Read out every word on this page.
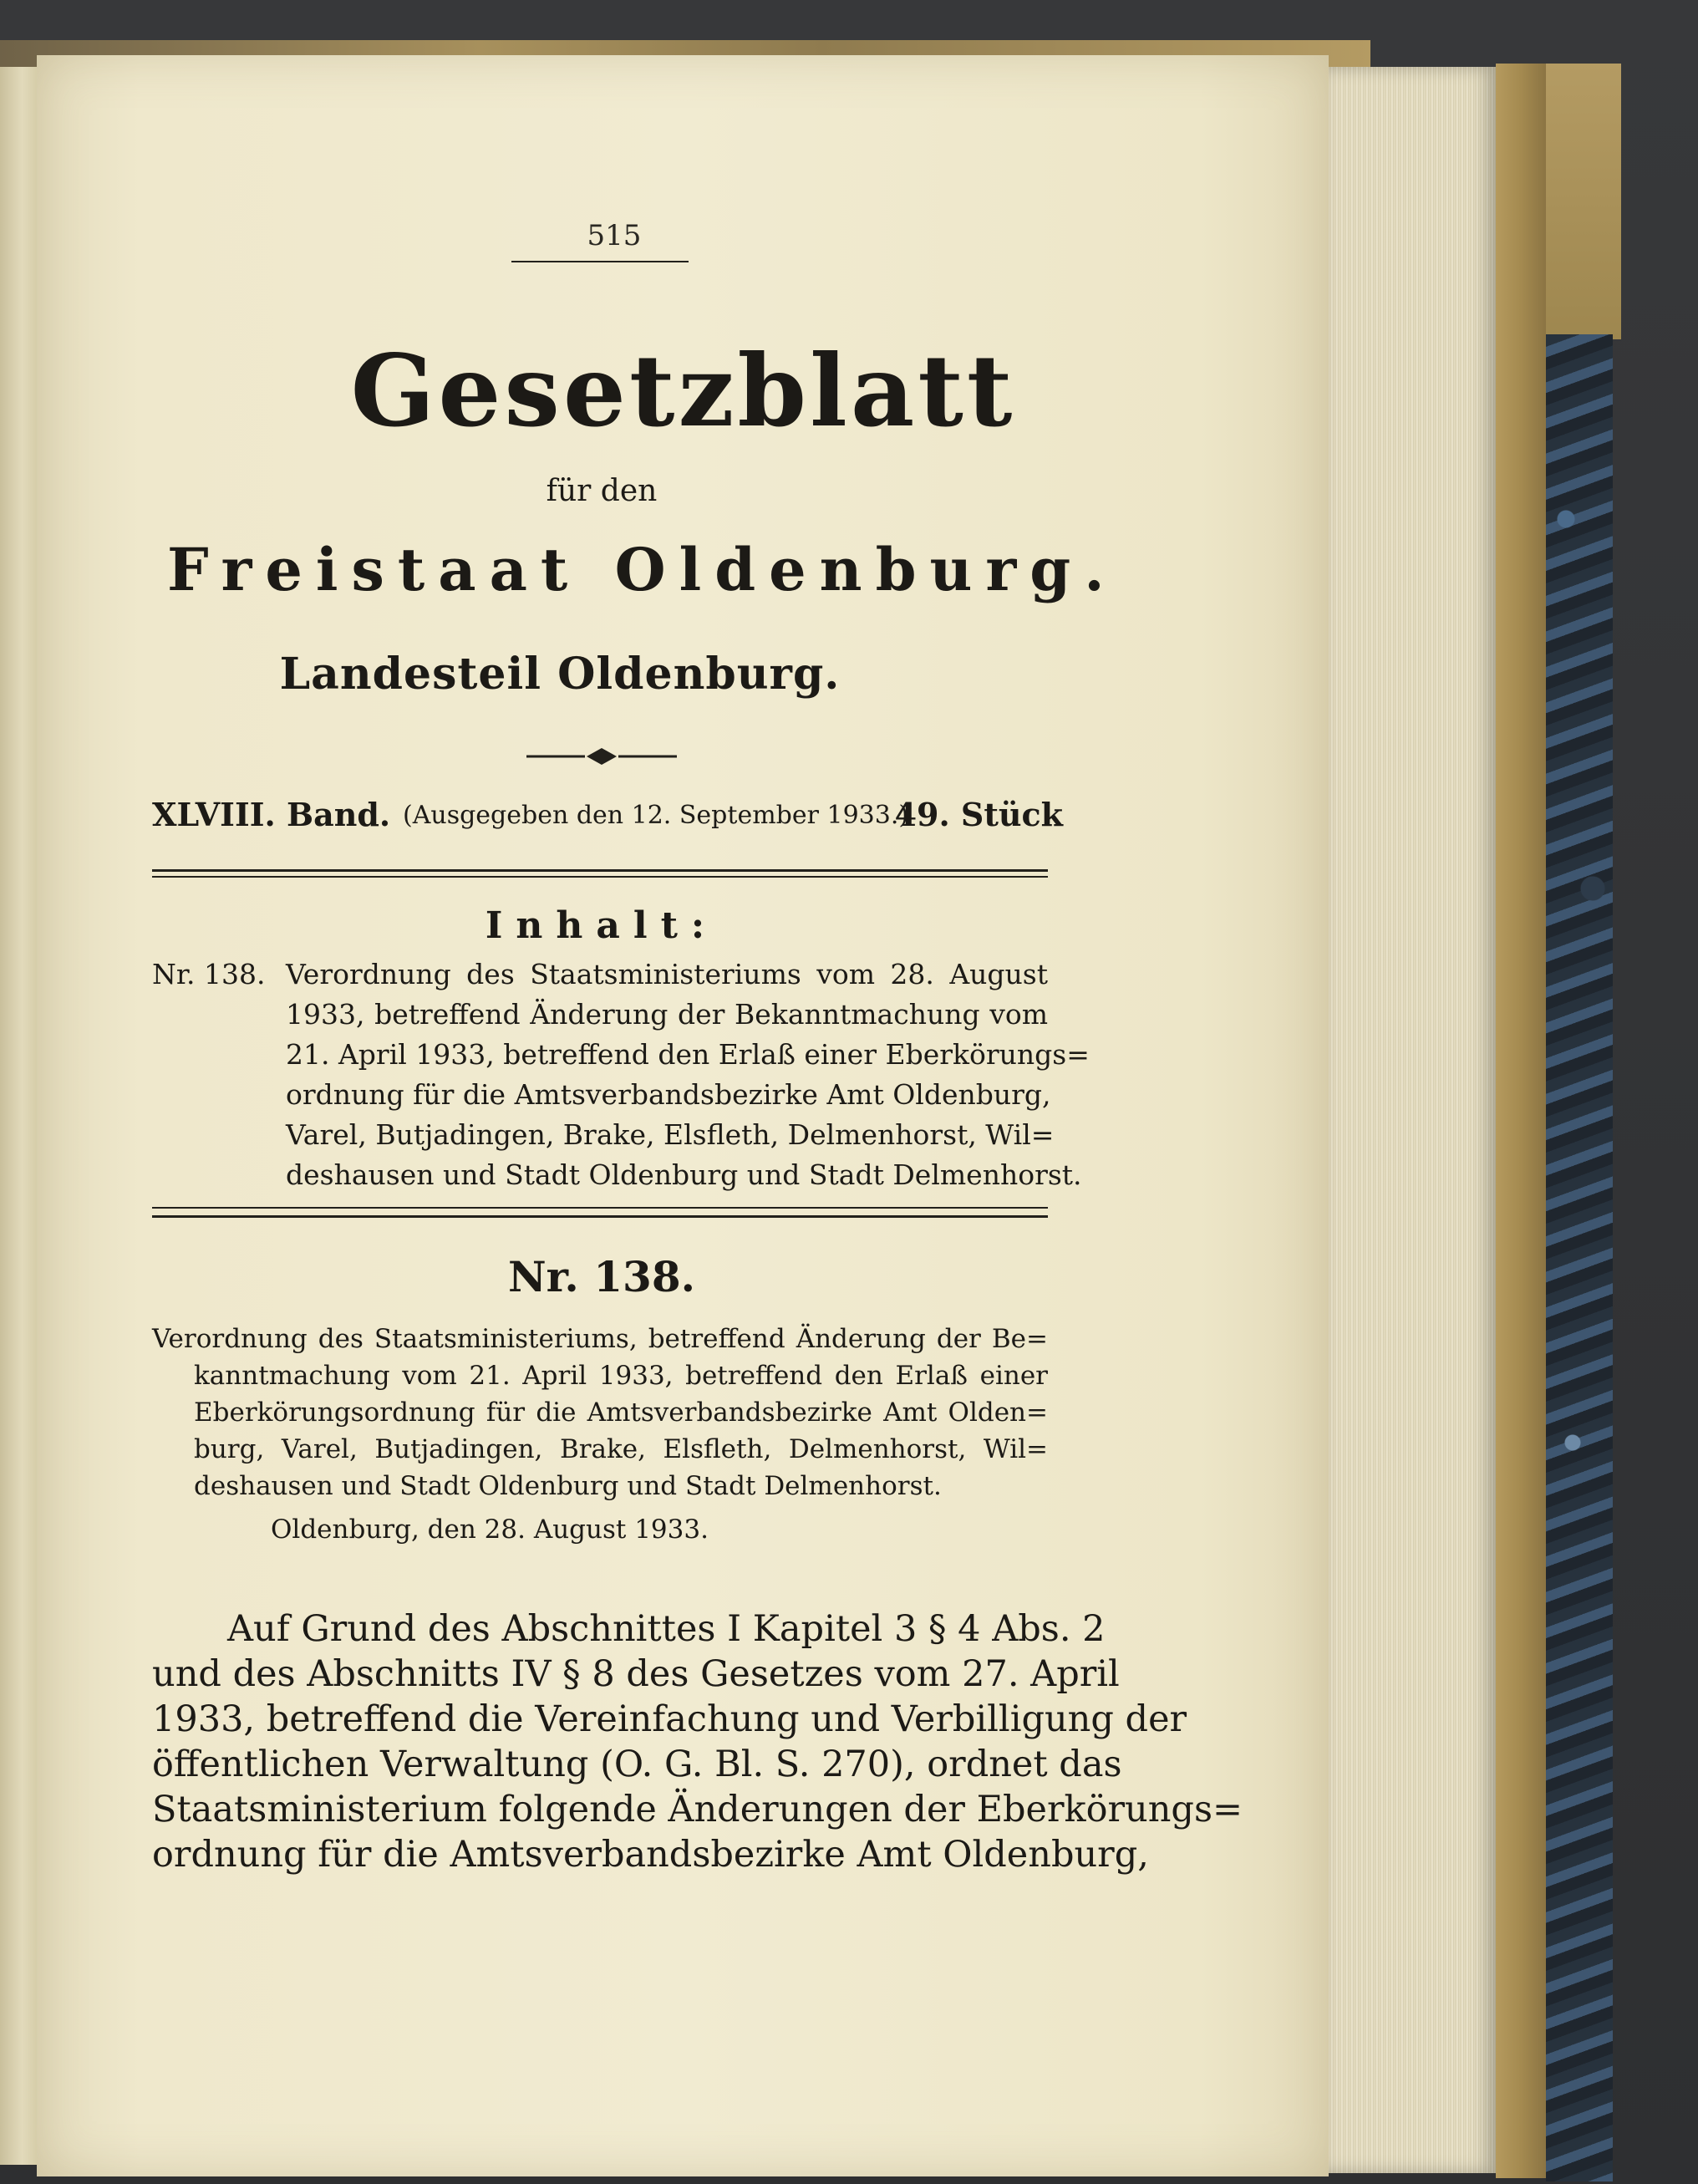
515
Gesetzblatt
für den
Freistaat Oldenburg.
Landesteil Oldenburg.
XLVIII. Band. (Ausgegeben den 12. September 1933.)
49. Stück
Inhalt:
Nr. 138. Verordnung des Staatsministeriums vom 28. August
1933, betreffend Änderung der Bekanntmachung vom
21. April 1933, betreffend den Erlaß einer Eberkörungs=
ordnung für die Amtsverbandsbezirke Amt Oldenburg,
Varel, Butjadingen, Brake, Elsfleth, Delmenhorst, Wil=
deshausen und Stadt Oldenburg und Stadt Delmenhorst.
Nr. 138.
Verordnung des Staatsministeriums, betreffend Änderung der Be=
kanntmachung vom 21. April 1933, betreffend den Erlaß einer
Eberkörungsordnung für die Amtsverbandsbezirke Amt Olden=
burg, Varel, Butjadingen, Brake, Elsfleth, Delmenhorst, Wil=
deshausen und Stadt Oldenburg und Stadt Delmenhorst.
Oldenburg, den 28. August 1933.
Auf Grund des Abschnittes I Kapitel 3 § 4 Abs. 2
und des Abschnitts IV § 8 des Gesetzes vom 27. April
1933, betreffend die Vereinfachung und Verbilligung der
öffentlichen Verwaltung (O. G. Bl. S. 270), ordnet das
Staatsministerium folgende Änderungen der Eberkörungs=
ordnung für die Amtsverbandsbezirke Amt Oldenburg,
